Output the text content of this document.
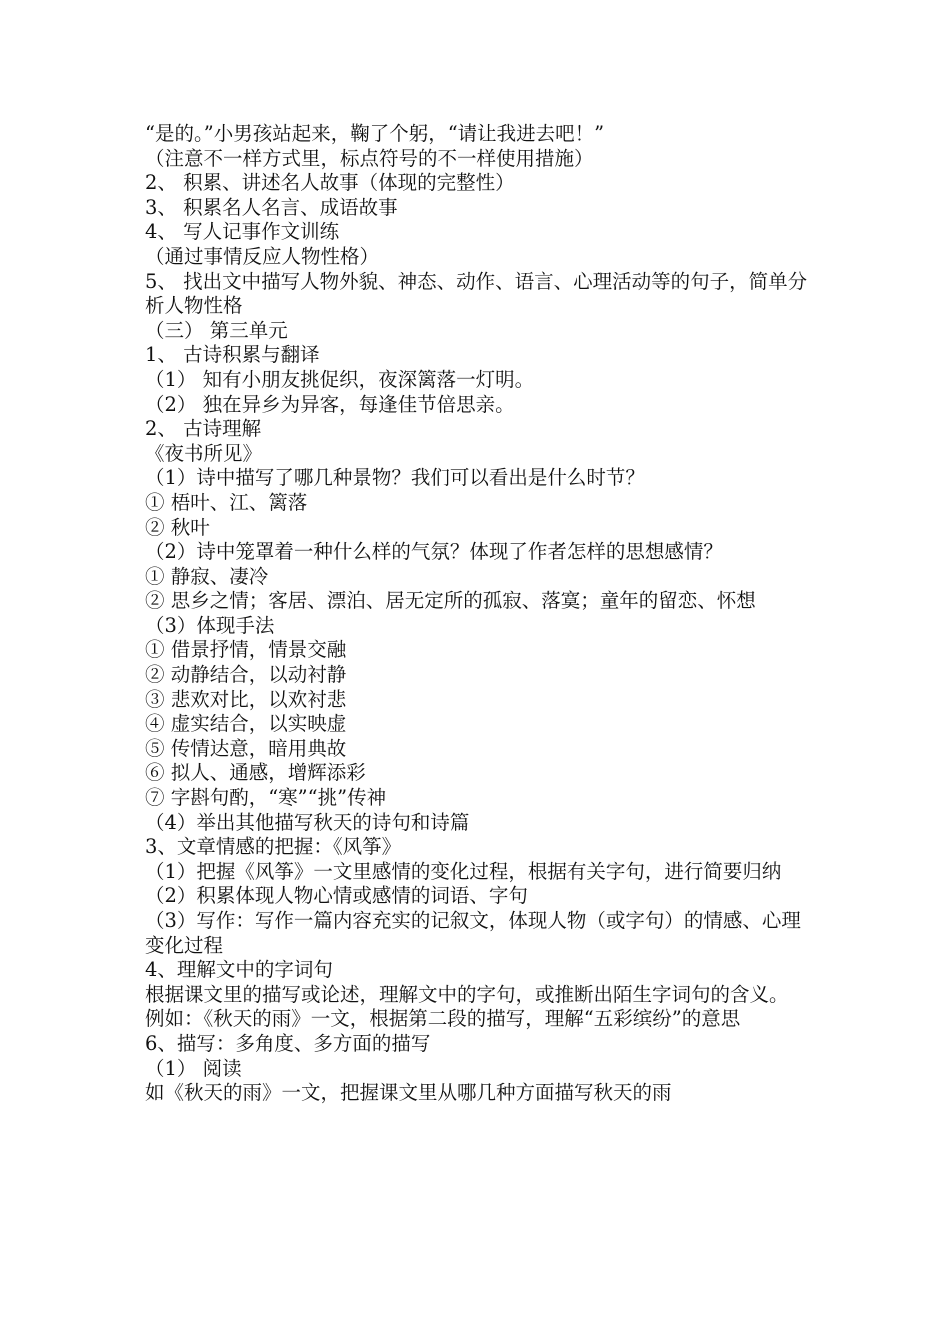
“是的。”小男孩站起来，鞠了个躬，“请让我进去吧！”
（注意不一样方式里，标点符号的不一样使用措施）
2、 积累、讲述名人故事（体现的完整性）
3、 积累名人名言、成语故事
4、 写人记事作文训练
（通过事情反应人物性格）
5、 找出文中描写人物外貌、神态、动作、语言、心理活动等的句子，简单分析人物性格
（三） 第三单元
1、 古诗积累与翻译
（1） 知有小朋友挑促织，夜深篱落一灯明。
（2） 独在异乡为异客，每逢佳节倍思亲。
2、 古诗理解
《夜书所见》
（1）诗中描写了哪几种景物？我们可以看出是什么时节？
① 梧叶、江、篱落
② 秋叶
（2）诗中笼罩着一种什么样的气氛？体现了作者怎样的思想感情？
① 静寂、凄冷
② 思乡之情；客居、漂泊、居无定所的孤寂、落寞；童年的留恋、怀想
（3）体现手法
① 借景抒情，情景交融
② 动静结合，以动衬静
③ 悲欢对比，以欢衬悲
④ 虚实结合，以实映虚
⑤ 传情达意，暗用典故
⑥ 拟人、通感，增辉添彩
⑦ 字斟句酌，“寒”“挑”传神
（4）举出其他描写秋天的诗句和诗篇
3、文章情感的把握：《风筝》
（1）把握《风筝》一文里感情的变化过程，根据有关字句，进行简要归纳
（2）积累体现人物心情或感情的词语、字句
（3）写作：写作一篇内容充实的记叙文，体现人物（或字句）的情感、心理变化过程
4、理解文中的字词句
根据课文里的描写或论述，理解文中的字句，或推断出陌生字词句的含义。
例如：《秋天的雨》一文，根据第二段的描写，理解“五彩缤纷”的意思
6、描写：多角度、多方面的描写
（1） 阅读
如《秋天的雨》一文，把握课文里从哪几种方面描写秋天的雨
